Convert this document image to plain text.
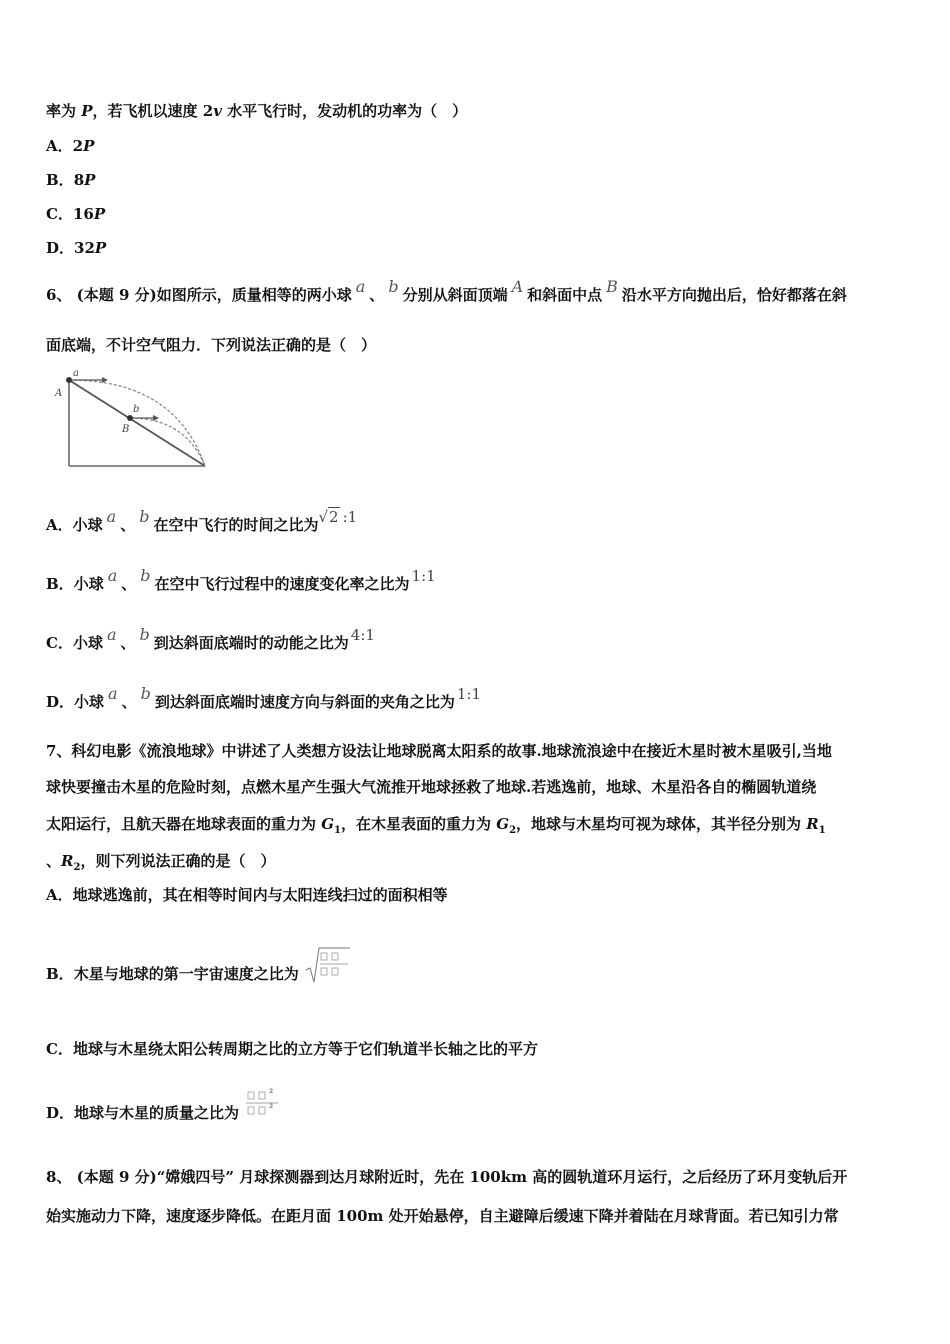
率为 P，若飞机以速度 2v 水平飞行时，发动机的功率为（　）
A．2P
B．8P
C．16P
D．32P
6、 (本题 9 分)如图所示，质量相等的两小球 a 、 b 分别从斜面顶端 A 和斜面中点 B 沿水平方向抛出后，恰好都落在斜
面底端，不计空气阻力．下列说法正确的是（　）
a
A
b
B
A．小球 a 、 b 在空中飞行的时间之比为√2 :1
B．小球 a 、 b 在空中飞行过程中的速度变化率之比为 1:1
C．小球 a 、 b 到达斜面底端时的动能之比为 4:1
D．小球 a 、 b 到达斜面底端时速度方向与斜面的夹角之比为 1:1
7、科幻电影《流浪地球》中讲述了人类想方设法让地球脱离太阳系的故事.地球流浪途中在接近木星时被木星吸引,当地
球快要撞击木星的危险时刻，点燃木星产生强大气流推开地球拯救了地球.若逃逸前，地球、木星沿各自的椭圆轨道绕
太阳运行，且航天器在地球表面的重力为 $G_1$，在木星表面的重力为 $G_2$，地球与木星均可视为球体，其半径分别为 $R_1$
、$R_2$，则下列说法正确的是（　）
A．地球逃逸前，其在相等时间内与太阳连线扫过的面积相等
B．木星与地球的第一宇宙速度之比为
C．地球与木星绕太阳公转周期之比的立方等于它们轨道半长轴之比的平方
D．地球与木星的质量之比为
2
2
8、 (本题 9 分)“嫦娥四号” 月球探测器到达月球附近时，先在 100km 高的圆轨道环月运行，之后经历了环月变轨后开
始实施动力下降，速度逐步降低。在距月面 100m 处开始悬停，自主避障后缓速下降并着陆在月球背面。若已知引力常
